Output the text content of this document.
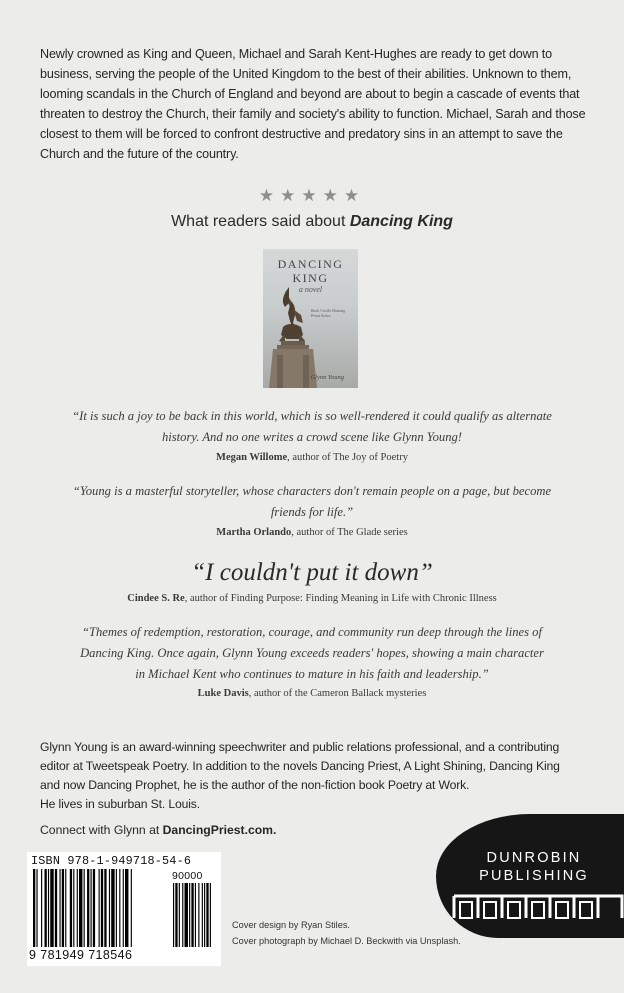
Newly crowned as King and Queen, Michael and Sarah Kent-Hughes are ready to get down to business, serving the people of the United Kingdom to the best of their abilities. Unknown to them, looming scandals in the Church of England and beyond are about to begin a cascade of events that threaten to destroy the Church, their family and society's ability to function. Michael, Sarah and those closest to them will be forced to confront destructive and predatory sins in an attempt to save the Church and the future of the country.
★★★★★
What readers said about Dancing King
DANCING
KING
a novel
Book 3 in the Dancing Priest Series
Glynn Young
“It is such a joy to be back in this world, which is so well-rendered it could qualify as alternate history. And no one writes a crowd scene like Glynn Young!
Megan Willome, author of The Joy of Poetry
“Young is a masterful storyteller, whose characters don't remain people on a page, but become friends for life.”
Martha Orlando, author of The Glade series
“I couldn't put it down”
Cindee S. Re, author of Finding Purpose: Finding Meaning in Life with Chronic Illness
“Themes of redemption, restoration, courage, and community run deep through the lines of Dancing King. Once again, Glynn Young exceeds readers' hopes, showing a main character in Michael Kent who continues to mature in his faith and leadership.”
Luke Davis, author of the Cameron Ballack mysteries
Glynn Young is an award-winning speechwriter and public relations professional, and a contributing
editor at Tweetspeak Poetry. In addition to the novels Dancing Priest, A Light Shining, Dancing King
and now Dancing Prophet, he is the author of the non-fiction book Poetry at Work.
He lives in suburban St. Louis.
Connect with Glynn at DancingPriest.com.
ISBN 978-1-949718-54-6
90000
9 781949 718546
Cover design by Ryan Stiles.
Cover photograph by Michael D. Beckwith via Unsplash.
DUNROBIN
PUBLISHING
